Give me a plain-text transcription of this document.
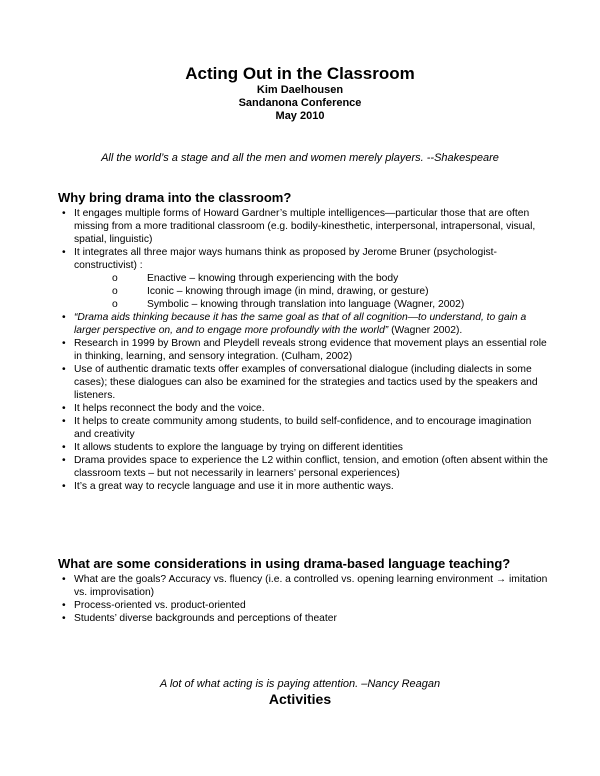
Acting Out in the Classroom
Kim Daelhousen
Sandanona Conference
May 2010
All the world’s a stage and all the men and women merely players. --Shakespeare
Why bring drama into the classroom?
• It engages multiple forms of Howard Gardner’s multiple intelligences—particular those that are often missing from a more traditional classroom (e.g. bodily-kinesthetic, interpersonal, intrapersonal, visual, spatial, linguistic)
• It integrates all three major ways humans think as proposed by Jerome Bruner (psychologist-constructivist) :
o	Enactive – knowing through experiencing with the body
o	Iconic – knowing through image (in mind, drawing, or gesture)
o	Symbolic – knowing through translation into language (Wagner, 2002)
• “Drama aids thinking because it has the same goal as that of all cognition—to understand, to gain a larger perspective on, and to engage more profoundly with the world” (Wagner 2002).
• Research in 1999 by Brown and Pleydell reveals strong evidence that movement plays an essential role in thinking, learning, and sensory integration. (Culham, 2002)
• Use of authentic dramatic texts offer examples of conversational dialogue (including dialects in some cases); these dialogues can also be examined for the strategies and tactics used by the speakers and listeners.
• It helps reconnect the body and the voice.
• It helps to create community among students, to build self-confidence, and to encourage imagination and creativity
• It allows students to explore the language by trying on different identities
• Drama provides space to experience the L2 within conflict, tension, and emotion (often absent within the classroom texts – but not necessarily in learners’ personal experiences)
• It’s a great way to recycle language and use it in more authentic ways.
What are some considerations in using drama-based language teaching?
• What are the goals? Accuracy vs. fluency (i.e. a controlled vs. opening learning environment → imitation vs. improvisation)
• Process-oriented vs. product-oriented
• Students’ diverse backgrounds and perceptions of theater
A lot of what acting is is paying attention. –Nancy Reagan
Activities
